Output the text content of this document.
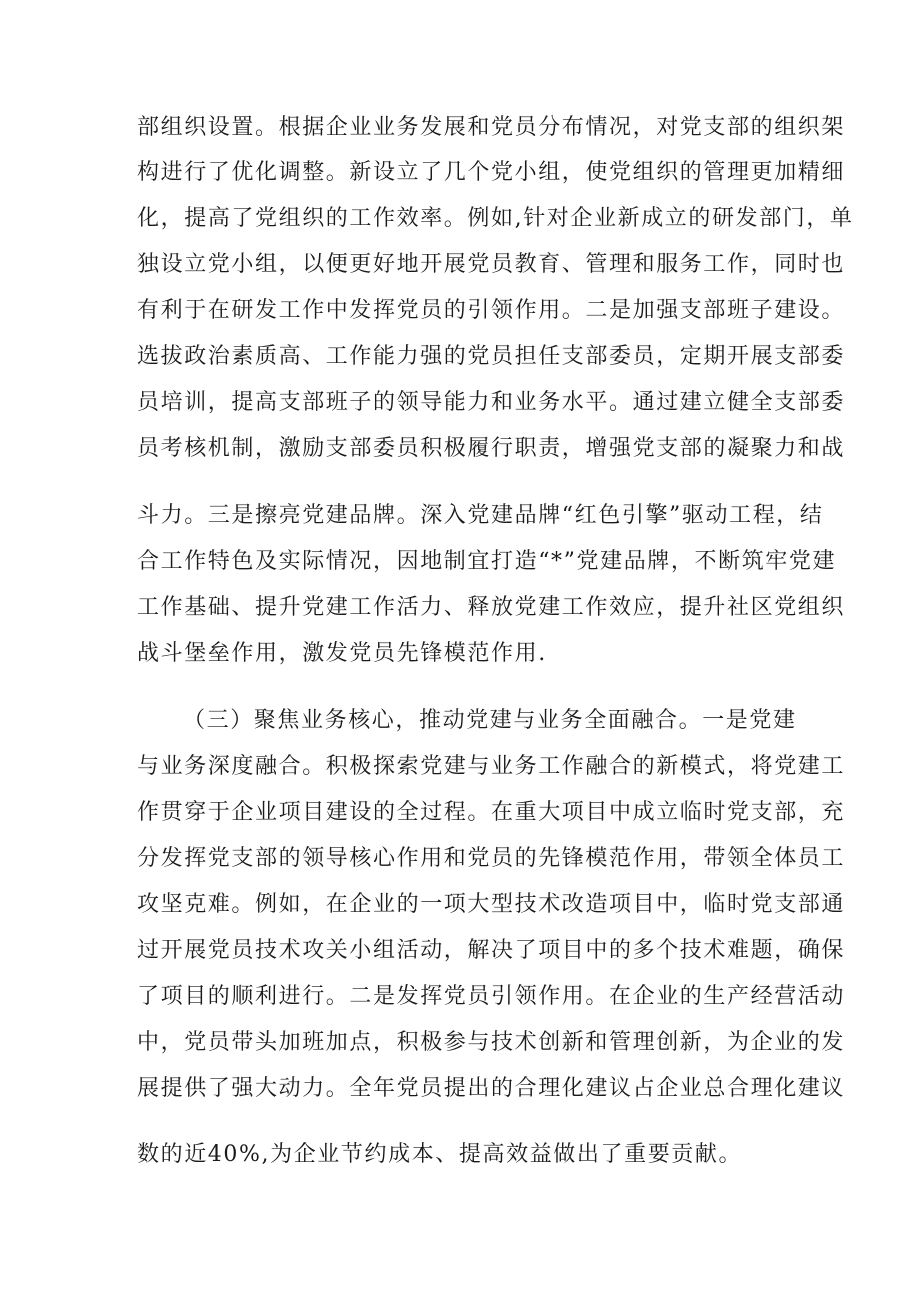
部组织设置。根据企业业务发展和党员分布情况，对党支部的组织架
构进行了优化调整。新设立了几个党小组，使党组织的管理更加精细
化，提高了党组织的工作效率。例如,针对企业新成立的研发部门，单
独设立党小组，以便更好地开展党员教育、管理和服务工作，同时也
有利于在研发工作中发挥党员的引领作用。二是加强支部班子建设。
选拔政治素质高、工作能力强的党员担任支部委员，定期开展支部委
员培训，提高支部班子的领导能力和业务水平。通过建立健全支部委
员考核机制，激励支部委员积极履行职责，增强党支部的凝聚力和战
斗力。三是擦亮党建品牌。深入党建品牌“红色引擎”驱动工程，结
合工作特色及实际情况，因地制宜打造“*”党建品牌，不断筑牢党建
工作基础、提升党建工作活力、释放党建工作效应，提升社区党组织
战斗堡垒作用，激发党员先锋模范作用.
（三）聚焦业务核心，推动党建与业务全面融合。一是党建
与业务深度融合。积极探索党建与业务工作融合的新模式，将党建工
作贯穿于企业项目建设的全过程。在重大项目中成立临时党支部，充
分发挥党支部的领导核心作用和党员的先锋模范作用，带领全体员工
攻坚克难。例如，在企业的一项大型技术改造项目中，临时党支部通
过开展党员技术攻关小组活动，解决了项目中的多个技术难题，确保
了项目的顺利进行。二是发挥党员引领作用。在企业的生产经营活动
中，党员带头加班加点，积极参与技术创新和管理创新，为企业的发
展提供了强大动力。全年党员提出的合理化建议占企业总合理化建议
数的近40%,为企业节约成本、提高效益做出了重要贡献。
